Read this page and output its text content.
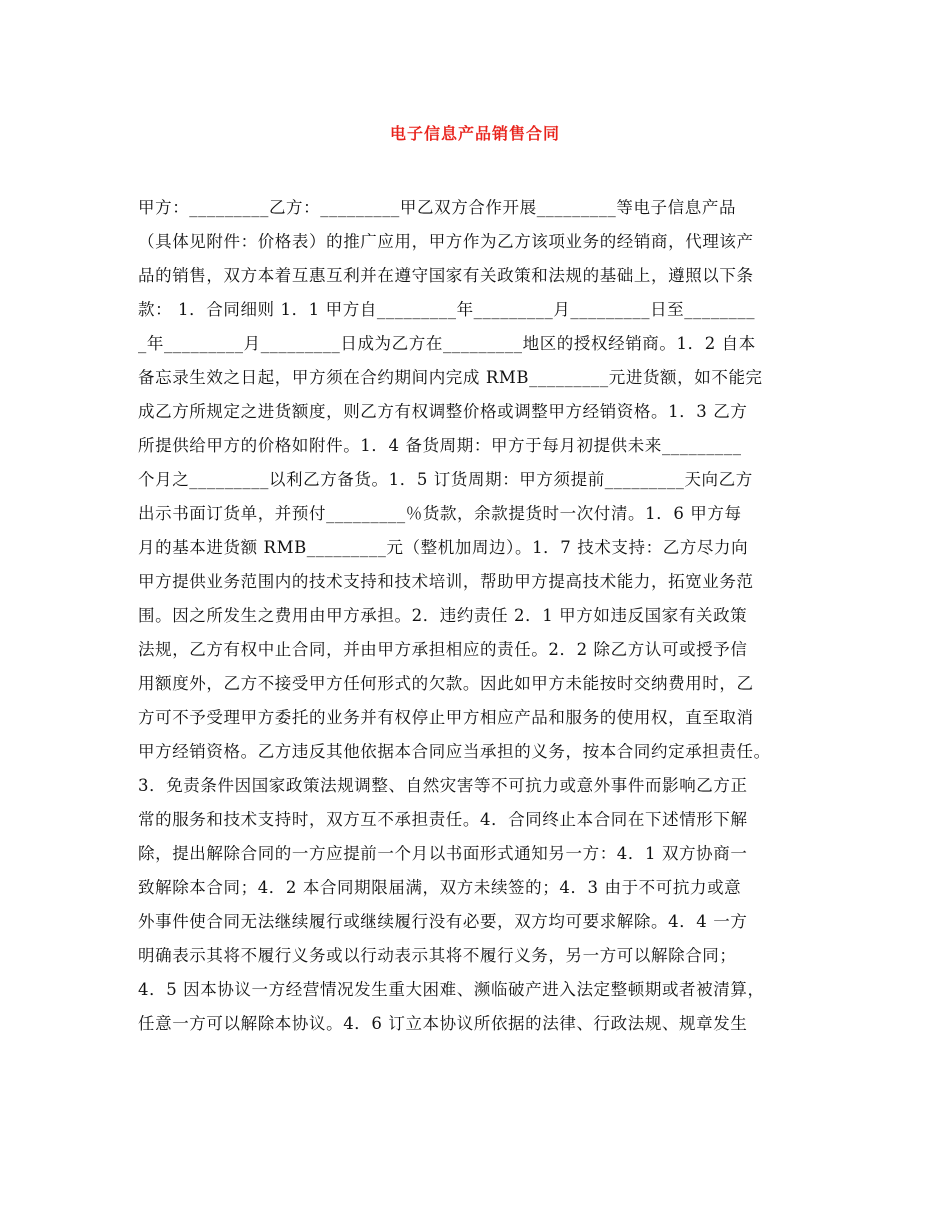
电子信息产品销售合同
甲方：_________乙方：_________甲乙双方合作开展_________等电子信息产品
（具体见附件：价格表）的推广应用，甲方作为乙方该项业务的经销商，代理该产
品的销售，双方本着互惠互利并在遵守国家有关政策和法规的基础上，遵照以下条
款： 1．合同细则 1．1 甲方自_________年_________月_________日至________
_年_________月_________日成为乙方在_________地区的授权经销商。1．2 自本
备忘录生效之日起，甲方须在合约期间内完成 RMB_________元进货额，如不能完
成乙方所规定之进货额度，则乙方有权调整价格或调整甲方经销资格。1．3 乙方
所提供给甲方的价格如附件。1．4 备货周期：甲方于每月初提供未来_________
个月之_________以利乙方备货。1．5 订货周期：甲方须提前_________天向乙方
出示书面订货单，并预付_________％货款，余款提货时一次付清。1．6 甲方每
月的基本进货额 RMB_________元（整机加周边）。1．7 技术支持：乙方尽力向
甲方提供业务范围内的技术支持和技术培训，帮助甲方提高技术能力，拓宽业务范
围。因之所发生之费用由甲方承担。2．违约责任 2．1 甲方如违反国家有关政策
法规，乙方有权中止合同，并由甲方承担相应的责任。2．2 除乙方认可或授予信
用额度外，乙方不接受甲方任何形式的欠款。因此如甲方未能按时交纳费用时，乙
方可不予受理甲方委托的业务并有权停止甲方相应产品和服务的使用权，直至取消
甲方经销资格。乙方违反其他依据本合同应当承担的义务，按本合同约定承担责任。
3．免责条件因国家政策法规调整、自然灾害等不可抗力或意外事件而影响乙方正
常的服务和技术支持时，双方互不承担责任。4．合同终止本合同在下述情形下解
除，提出解除合同的一方应提前一个月以书面形式通知另一方：4．1 双方协商一
致解除本合同；4．2 本合同期限届满，双方未续签的；4．3 由于不可抗力或意
外事件使合同无法继续履行或继续履行没有必要，双方均可要求解除。4．4 一方
明确表示其将不履行义务或以行动表示其将不履行义务，另一方可以解除合同；
4．5 因本协议一方经营情况发生重大困难、濒临破产进入法定整顿期或者被清算，
任意一方可以解除本协议。4．6 订立本协议所依据的法律、行政法规、规章发生
